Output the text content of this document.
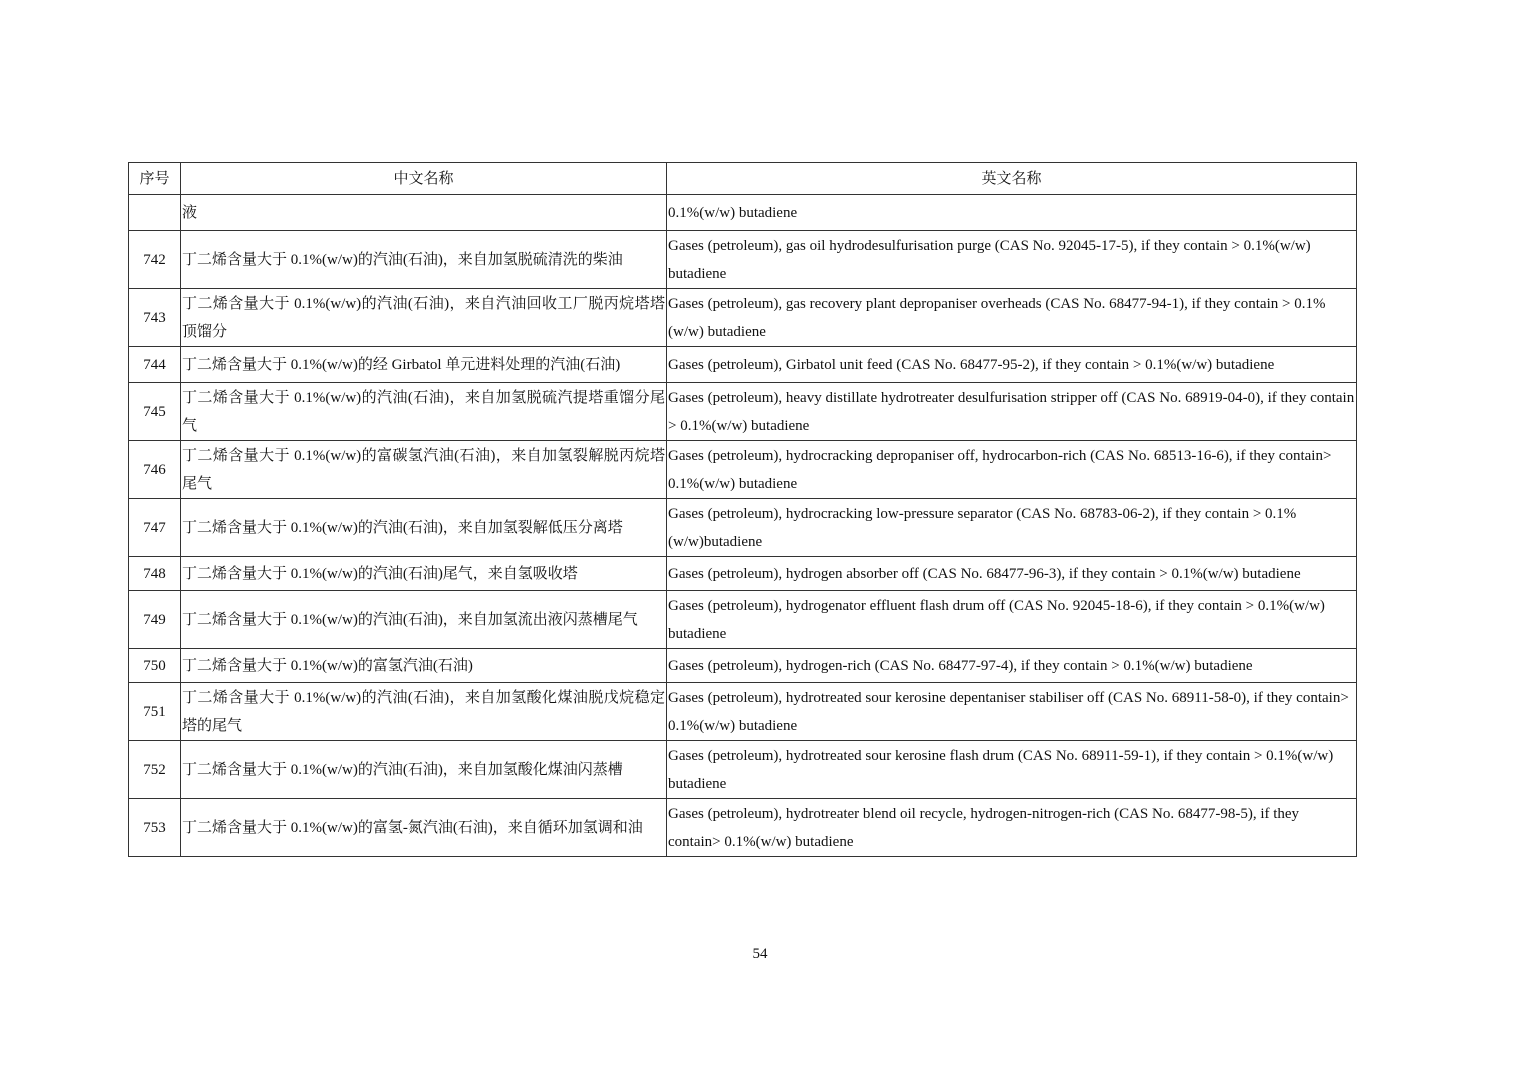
序号	中文名称	英文名称
	液	0.1%(w/w) butadiene
742	丁二烯含量大于 0.1%(w/w)的汽油(石油)，来自加氢脱硫清洗的柴油	Gases (petroleum), gas oil hydrodesulfurisation purge (CAS No. 92045-17-5), if they contain > 0.1%(w/w) butadiene
743	丁二烯含量大于 0.1%(w/w)的汽油(石油)，来自汽油回收工厂脱丙烷塔塔顶馏分	Gases (petroleum), gas recovery plant depropaniser overheads (CAS No. 68477-94-1), if they contain > 0.1%(w/w) butadiene
744	丁二烯含量大于 0.1%(w/w)的经 Girbatol 单元进料处理的汽油(石油)	Gases (petroleum), Girbatol unit feed (CAS No. 68477-95-2), if they contain > 0.1%(w/w) butadiene
745	丁二烯含量大于 0.1%(w/w)的汽油(石油)，来自加氢脱硫汽提塔重馏分尾气	Gases (petroleum), heavy distillate hydrotreater desulfurisation stripper off (CAS No. 68919-04-0), if they contain > 0.1%(w/w) butadiene
746	丁二烯含量大于 0.1%(w/w)的富碳氢汽油(石油)，来自加氢裂解脱丙烷塔尾气	Gases (petroleum), hydrocracking depropaniser off, hydrocarbon-rich (CAS No. 68513-16-6), if they contain> 0.1%(w/w) butadiene
747	丁二烯含量大于 0.1%(w/w)的汽油(石油)，来自加氢裂解低压分离塔	Gases (petroleum), hydrocracking low-pressure separator (CAS No. 68783-06-2), if they contain > 0.1%(w/w)butadiene
748	丁二烯含量大于 0.1%(w/w)的汽油(石油)尾气，来自氢吸收塔	Gases (petroleum), hydrogen absorber off (CAS No. 68477-96-3), if they contain > 0.1%(w/w) butadiene
749	丁二烯含量大于 0.1%(w/w)的汽油(石油)，来自加氢流出液闪蒸槽尾气	Gases (petroleum), hydrogenator effluent flash drum off (CAS No. 92045-18-6), if they contain > 0.1%(w/w) butadiene
750	丁二烯含量大于 0.1%(w/w)的富氢汽油(石油)	Gases (petroleum), hydrogen-rich (CAS No. 68477-97-4), if they contain > 0.1%(w/w) butadiene
751	丁二烯含量大于 0.1%(w/w)的汽油(石油)，来自加氢酸化煤油脱戊烷稳定塔的尾气	Gases (petroleum), hydrotreated sour kerosine depentaniser stabiliser off (CAS No. 68911-58-0), if they contain> 0.1%(w/w) butadiene
752	丁二烯含量大于 0.1%(w/w)的汽油(石油)，来自加氢酸化煤油闪蒸槽	Gases (petroleum), hydrotreated sour kerosine flash drum (CAS No. 68911-59-1), if they contain > 0.1%(w/w) butadiene
753	丁二烯含量大于 0.1%(w/w)的富氢-氮汽油(石油)，来自循环加氢调和油	Gases (petroleum), hydrotreater blend oil recycle, hydrogen-nitrogen-rich (CAS No. 68477-98-5), if they contain> 0.1%(w/w) butadiene
54
